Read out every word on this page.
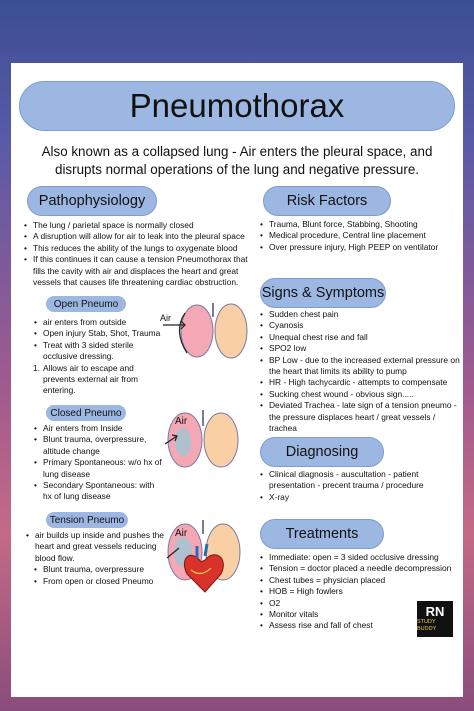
Pneumothorax
Also known as a collapsed lung - Air enters the pleural space, and disrupts normal operations of the lung and negative pressure.
Pathophysiology
• The lung / parietal space is normally closed
• A disruption will allow for air to leak into the pleural space
• This reduces the ability of the lungs to oxygenate blood
• If this continues it can cause a tension Pneumothorax that fills the cavity with air and displaces the heart and great vessels that causes life threatening cardiac obstruction.
Open Pneumo
• air enters from outside
• Open injury Stab, Shot, Trauma
• Treat with 3 sided sterile occlusive dressing.
1. Allows air to escape and prevents external air from entering.
Air
Closed Pneumo
• Air enters from Inside
• Blunt trauma, overpressure, altitude change
• Primary Spontaneous: w/o hx of lung disease
• Secondary Spontaneous: with hx of lung disease
Air
Tension Pneumo
• air builds up inside and pushes the heart and great vessels reducing blood flow.
• Blunt trauma, overpressure
• From open or closed Pneumo
Air
Risk Factors
• Trauma, Blunt force, Stabbing, Shooting
• Medical procedure, Central line placement
• Over pressure injury, High PEEP on ventilator
Signs & Symptoms
• Sudden chest pain
• Cyanosis
• Unequal chest rise and fall
• SPO2 low
• BP Low - due to the increased external pressure on the heart that limits its ability to pump
• HR - High tachycardic - attempts to compensate
• Sucking chest wound - obvious sign.....
• Deviated Trachea - late sign of a tension pneumo - the pressure displaces heart / great vessels / trachea
Diagnosing
• Clinical diagnosis - auscultation - patient presentation - precent trauma / procedure
• X-ray
Treatments
• Immediate: open = 3 sided occlusive dressing
• Tension = doctor placed a needle decompression
• Chest tubes = physician placed
• HOB = High fowlers
• O2
• Monitor vitals
• Assess rise and fall of chest
RN
STUDY BUDDY
